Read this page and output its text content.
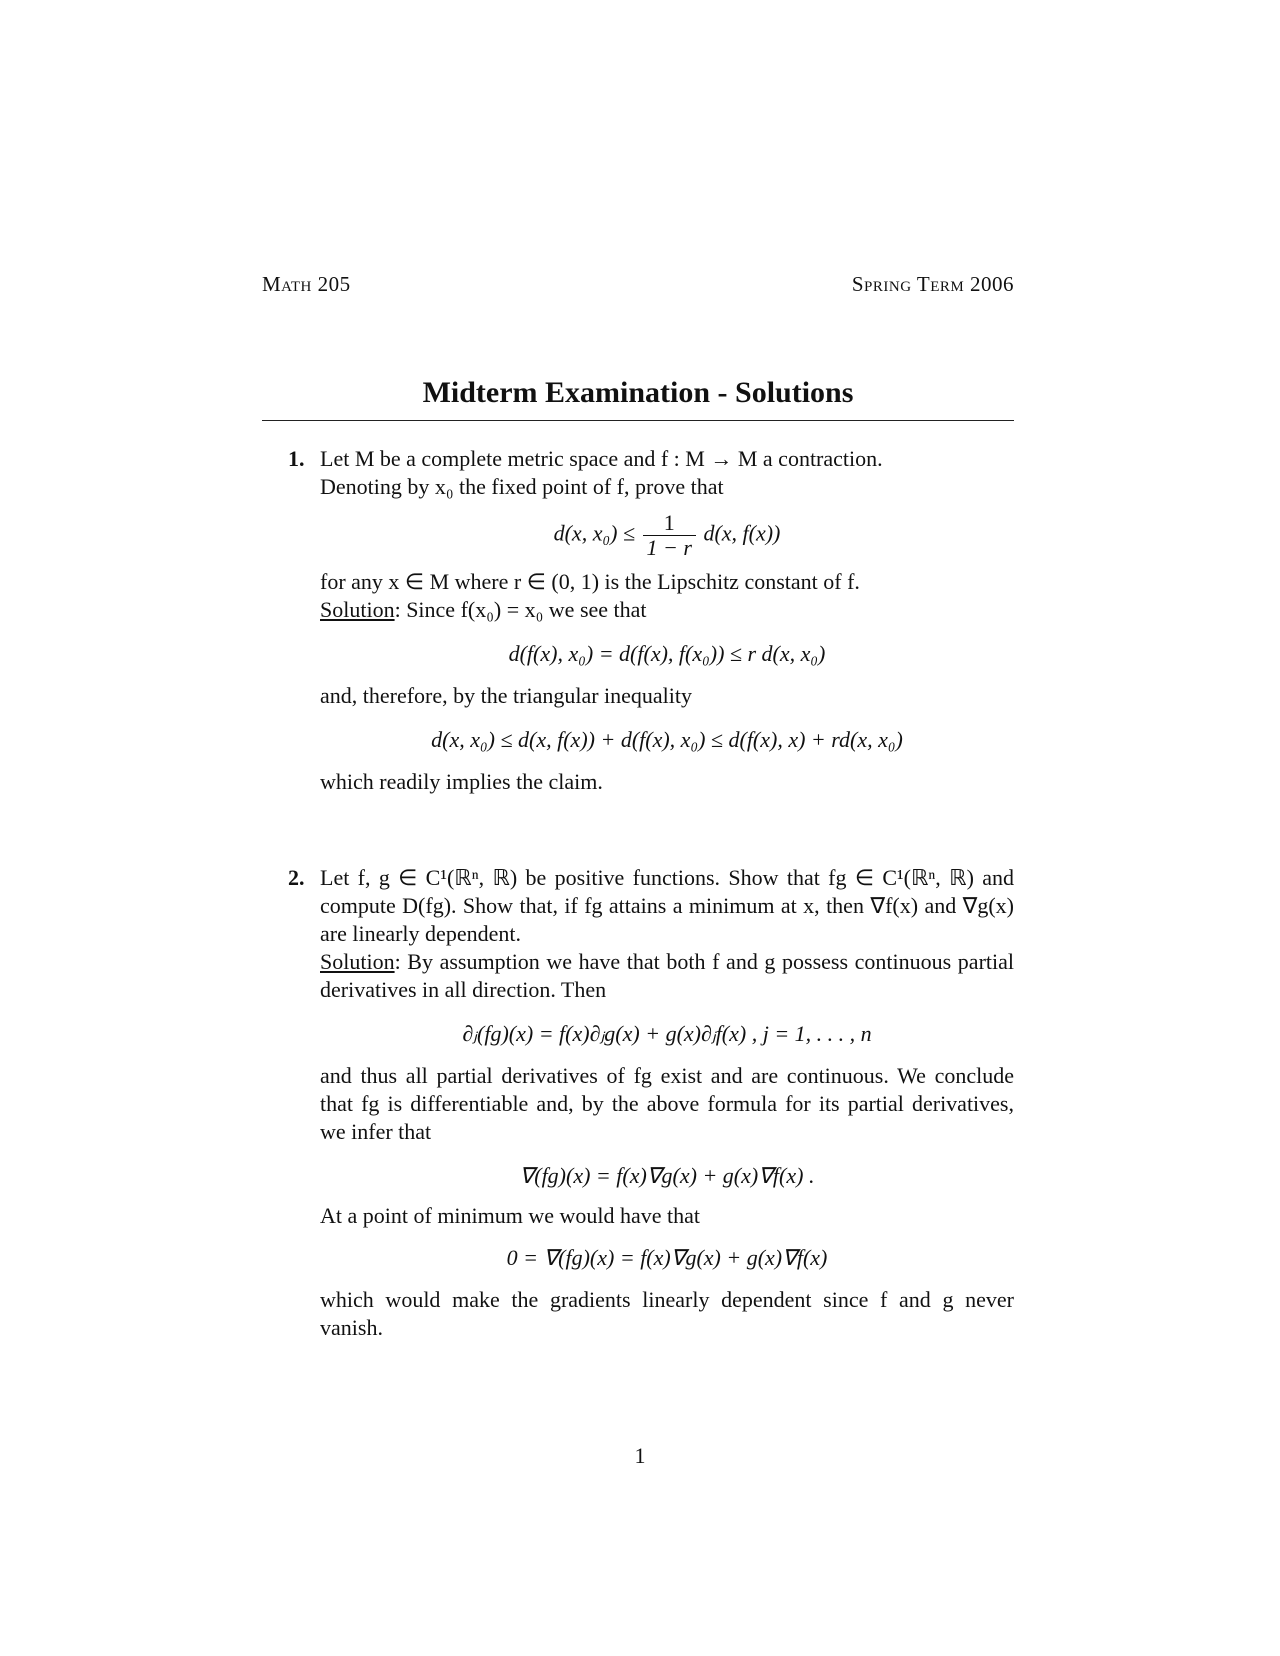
Math 205	Spring Term 2006
Midterm Examination - Solutions
1. Let M be a complete metric space and f : M → M a contraction.

Denoting by x₀ the fixed point of f, prove that

d(x, $x_0) \le \frac{1}{1 - r} d(x$, f(x))

for any x ∈ M where r ∈ (0, 1) is the Lipschitz constant of f.

Solution: Since f(x₀) = x₀ we see that

d(f(x), x₀) = d(f(x), f(x₀)) ≤ r d(x, x₀)

and, therefore, by the triangular inequality

d(x, x₀) ≤ d(x, f(x)) + d(f(x), x₀) ≤ d(f(x), x) + rd(x, x₀)

which readily implies the claim.

2. Let f, g ∈ C¹(ℝⁿ, ℝ) be positive functions. Show that fg ∈ C¹(ℝⁿ, ℝ) and compute D(fg). Show that, if fg attains a minimum at x, then ∇f(x) and ∇g(x) are linearly dependent.

Solution: By assumption we have that both f and g possess continuous partial derivatives in all direction. Then

∂ⱼ(fg)(x) = f(x)∂ⱼg(x) + g(x)∂ⱼf(x) , j = 1, . . . , n

and thus all partial derivatives of fg exist and are continuous. We conclude that fg is differentiable and, by the above formula for its partial derivatives, we infer that

∇(fg)(x) = f(x)∇g(x) + g(x)∇f(x) .

At a point of minimum we would have that

0 = ∇(fg)(x) = f(x)∇g(x) + g(x)∇f(x)

which would make the gradients linearly dependent since f and g never vanish.

1
